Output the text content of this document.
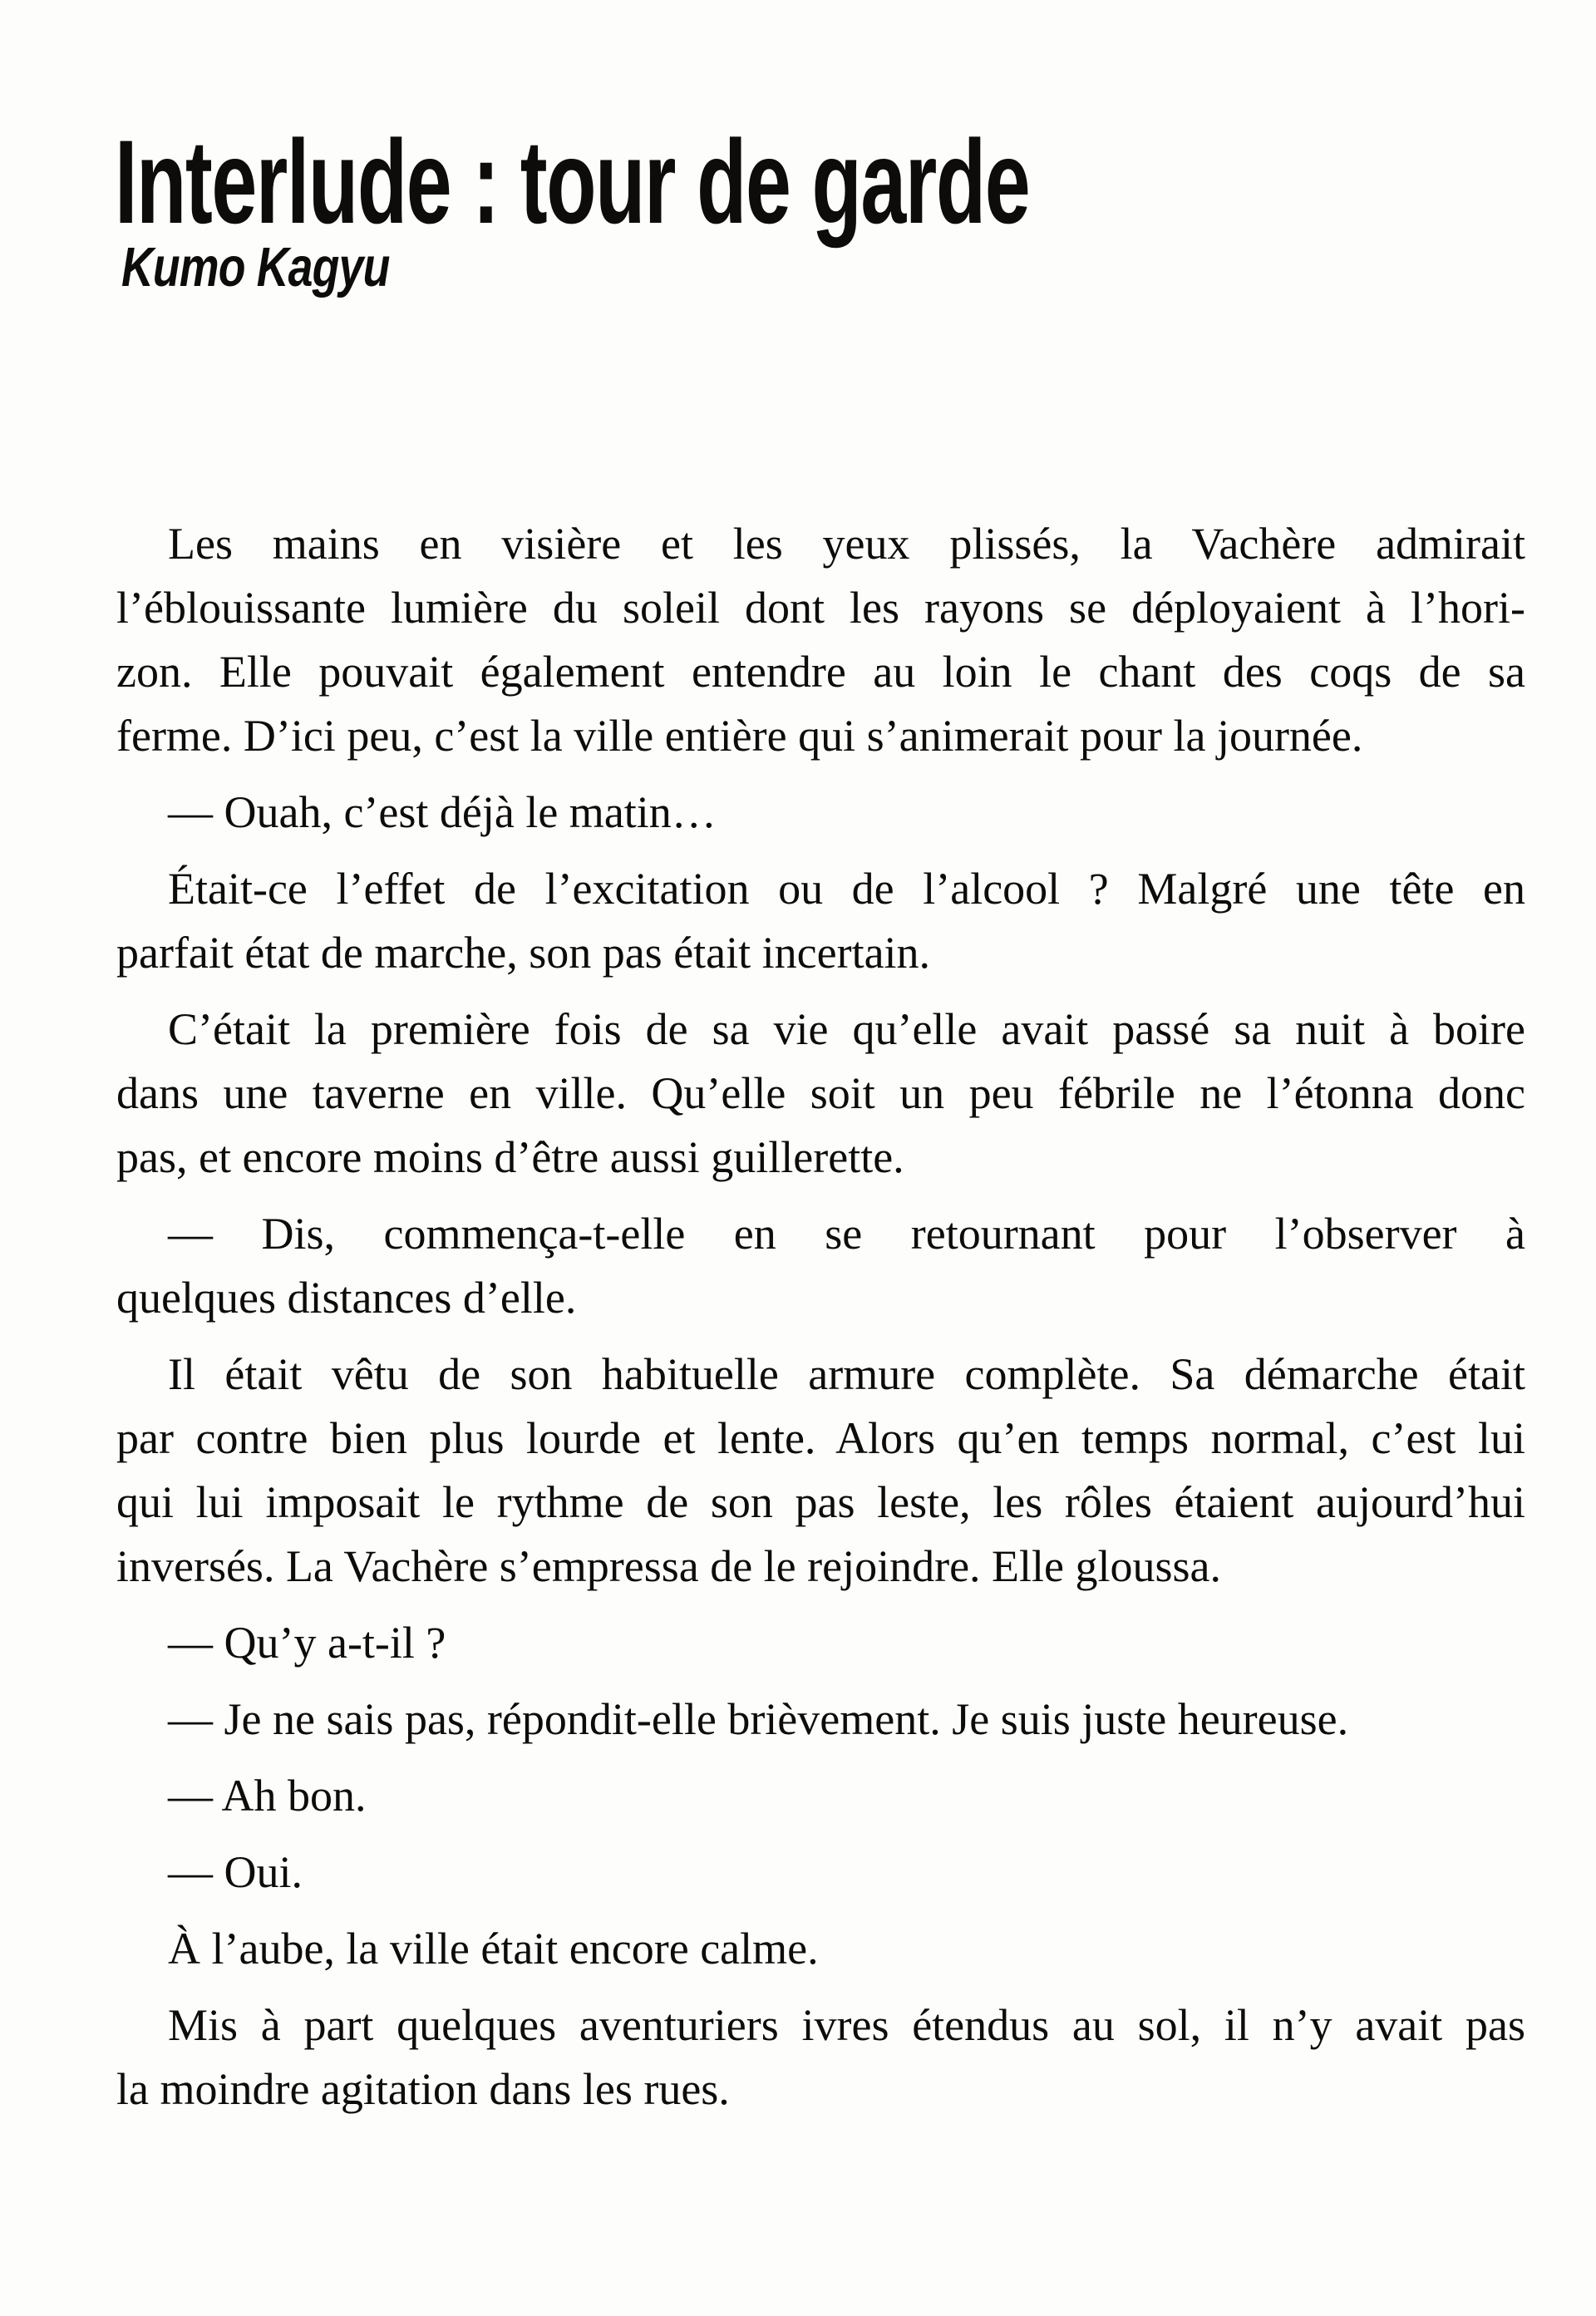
Interlude : tour de garde
Kumo Kagyu
Les mains en visière et les yeux plissés, la Vachère admirait
l’éblouissante lumière du soleil dont les rayons se déployaient à l’hori-
zon. Elle pouvait également entendre au loin le chant des coqs de sa
ferme. D’ici peu, c’est la ville entière qui s’animerait pour la journée.
— Ouah, c’est déjà le matin…
Était-ce l’effet de l’excitation ou de l’alcool ? Malgré une tête en
parfait état de marche, son pas était incertain.
C’était la première fois de sa vie qu’elle avait passé sa nuit à boire
dans une taverne en ville. Qu’elle soit un peu fébrile ne l’étonna donc
pas, et encore moins d’être aussi guillerette.
— Dis, commença-t-elle en se retournant pour l’observer à
quelques distances d’elle.
Il était vêtu de son habituelle armure complète. Sa démarche était
par contre bien plus lourde et lente. Alors qu’en temps normal, c’est lui
qui lui imposait le rythme de son pas leste, les rôles étaient aujourd’hui
inversés. La Vachère s’empressa de le rejoindre. Elle gloussa.
— Qu’y a-t-il ?
— Je ne sais pas, répondit-elle brièvement. Je suis juste heureuse.
— Ah bon.
— Oui.
À l’aube, la ville était encore calme.
Mis à part quelques aventuriers ivres étendus au sol, il n’y avait pas
la moindre agitation dans les rues.
